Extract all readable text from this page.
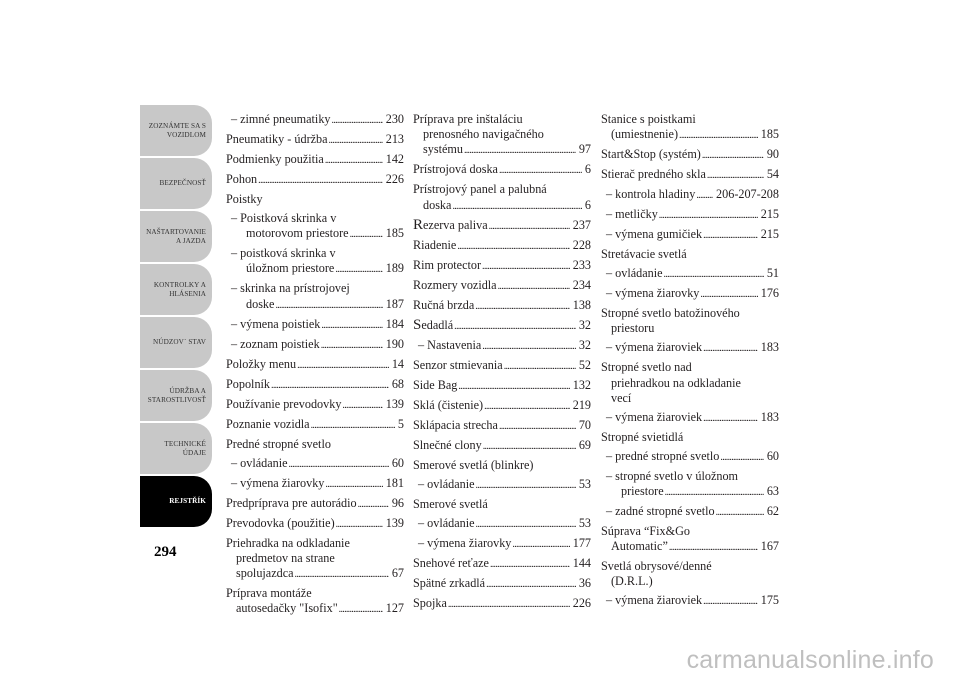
ZOZNÁMTE SA S
VOZIDLOM
BEZPEČNOSŤ
NAŠTARTOVANIE
A JAZDA
KONTROLKY A
HLÁSENIA
NÚDZOV´ STAV
ÚDRŽBA A
STAROSTLIVOSŤ
TECHNICKÉ
ÚDAJE
REJSTŘÍK
294
– zimné pneumatiky . . .	230
Pneumatiky - údržba . . .	213
Podmienky použitia . . .	142
Pohon . . .	226
Poistky
– Poistková skrinka v
motorovom priestore . . .	185
– poistková skrinka v
úložnom priestore . . .	189
– skrinka na prístrojovej
doske . . .	187
– výmena poistiek . . .	184
– zoznam poistiek . . .	190
Položky menu . . .	14
Popolník . . .	68
Používanie prevodovky . . .	139
Poznanie vozidla . . .	5
Predné stropné svetlo
– ovládanie . . .	60
– výmena žiarovky . . .	181
Predpríprava pre autorádio . . .	96
Prevodovka (použitie) . . .	139
Priehradka na odkladanie
predmetov na strane
spolujazdca . . .	67
Príprava montáže
autosedačky "Isofix" . . .	127
Príprava pre inštaláciu
prenosného navigačného
systému . . .	97
Prístrojová doska . . .	6
Prístrojový panel a palubná
doska . . .	6
Rezerva paliva . . .	237
Riadenie . . .	228
Rim protector . . .	233
Rozmery vozidla . . .	234
Ručná brzda . . .	138
Sedadlá . . .	32
– Nastavenia . . .	32
Senzor stmievania . . .	52
Side Bag . . .	132
Sklá (čistenie) . . .	219
Sklápacia strecha . . .	70
Slnečné clony . . .	69
Smerové svetlá (blinkre)
– ovládanie . . .	53
Smerové svetlá
– ovládanie . . .	53
– výmena žiarovky . . .	177
Snehové reťaze . . .	144
Spätné zrkadlá . . .	36
Spojka . . .	226
Stanice s poistkami
(umiestnenie) . . .	185
Start&Stop (systém) . . .	90
Stierač predného skla . . .	54
– kontrola hladiny . . . 206-207-208
– metličky . . .	215
– výmena gumičiek . . .	215
Stretávacie svetlá
– ovládanie . . .	51
– výmena žiarovky . . .	176
Stropné svetlo batožinového
priestoru
– výmena žiaroviek . . .	183
Stropné svetlo nad
priehradkou na odkladanie
vecí
– výmena žiaroviek . . .	183
Stropné svietidlá
– predné stropné svetlo . . .	60
– stropné svetlo v úložnom
priestore . . .	63
– zadné stropné svetlo . . .	62
Súprava “Fix&Go
Automatic” . . .	167
Svetlá obrysové/denné
(D.R.L.)
– výmena žiaroviek . . .	175
carmanualsonline.info
